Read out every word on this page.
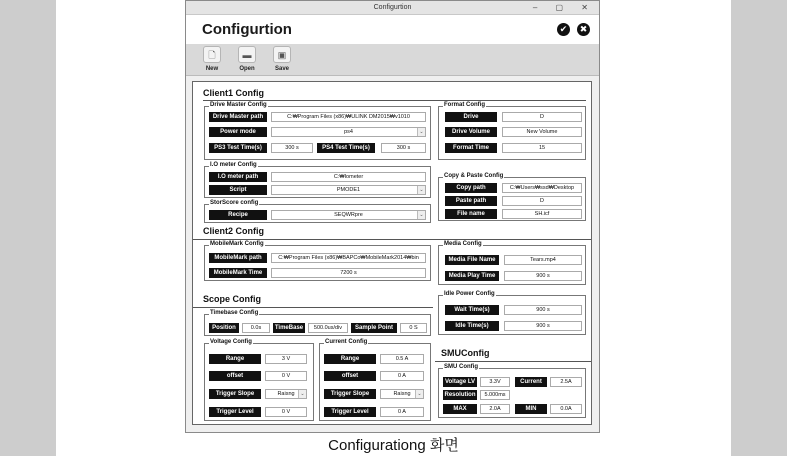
Configurtion	– ▢ ✕
Configurtion	✔	✖
🗋
New
▬
Open
▣
Save
Client1 Config
Drive Master Config
Drive Master path	C:₩Program Files (x86)₩ULINK DM2015₩v1010
Power mode	ps4	⌄
PS3 Test Time(s)	300 s	PS4 Test Time(s)	300 s
I.O meter Config
I.O meter path	C:₩Iometer
Script	PMODE1	⌄
StorScore config
Recipe	SEQWRpre	⌄
Format Config
Drive	D
Drive Volume	New Volume
Format Time	15
Copy & Paste Config
Copy path	C:₩Users₩ssd₩Desktop
Paste path	D
File name	SH.icf
Client2 Config
MobileMark Config
MobileMark path	C:₩Program Files (x86)₩BAPCo₩MobileMark2014₩bin
MobileMark Time	7200 s
Media Config
Media File Name	Tears.mp4
Media Play Time	900 s
Scope Config
Timebase Config
Position	0.0s	TimeBase	500.0us/div	Sample Point	0 S
Voltage Config
Range	3 V
offset	0 V
Trigger Slope	Raisng	⌄
Trigger Level	0 V
Current Config
Range	0.5 A
offset	0 A
Trigger Slope	Raisng	⌄
Trigger Level	0 A
Idle Power Config
Wait Time(s)	900 s
Idle Time(s)	900 s
SMUConfig
SMU Config
Voltage LV	3.3V	Current	2.5A
Resolution	5.000ms
MAX	2.0A	MIN	0.0A
Configurationg 화면
